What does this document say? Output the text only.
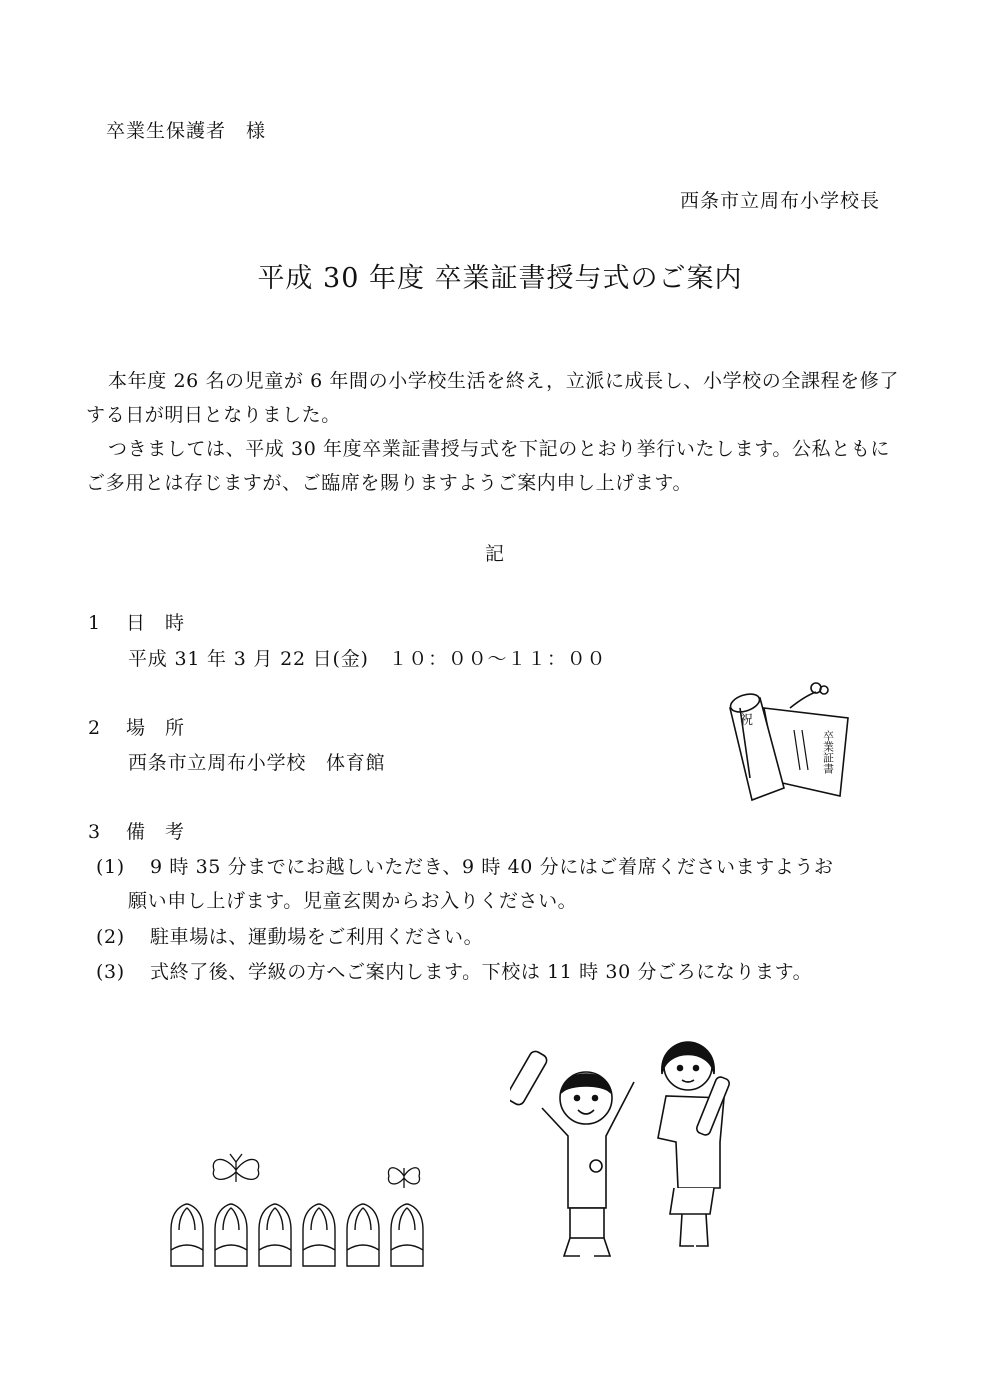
卒業生保護者　様
西条市立周布小学校長
平成 30 年度 卒業証書授与式のご案内
本年度 26 名の児童が 6 年間の小学校生活を終え，立派に成長し、小学校の全課程を修了する日が明日となりました。
つきましては、平成 30 年度卒業証書授与式を下記のとおり挙行いたします。公私ともにご多用とは存じますが、ご臨席を賜りますようご案内申し上げます。
記
1 日時
平成 31 年 3 月 22 日(金)　１０：００～１１：００
2 場所
西条市立周布小学校　体育館
3 備考
(1) 9 時 35 分までにお越しいただき、9 時 40 分にはご着席くださいますようお
願い申し上げます。児童玄関からお入りください。
(2) 駐車場は、運動場をご利用ください。
(3) 式終了後、学級の方へご案内します。下校は 11 時 30 分ごろになります。
祝
卒業証書
